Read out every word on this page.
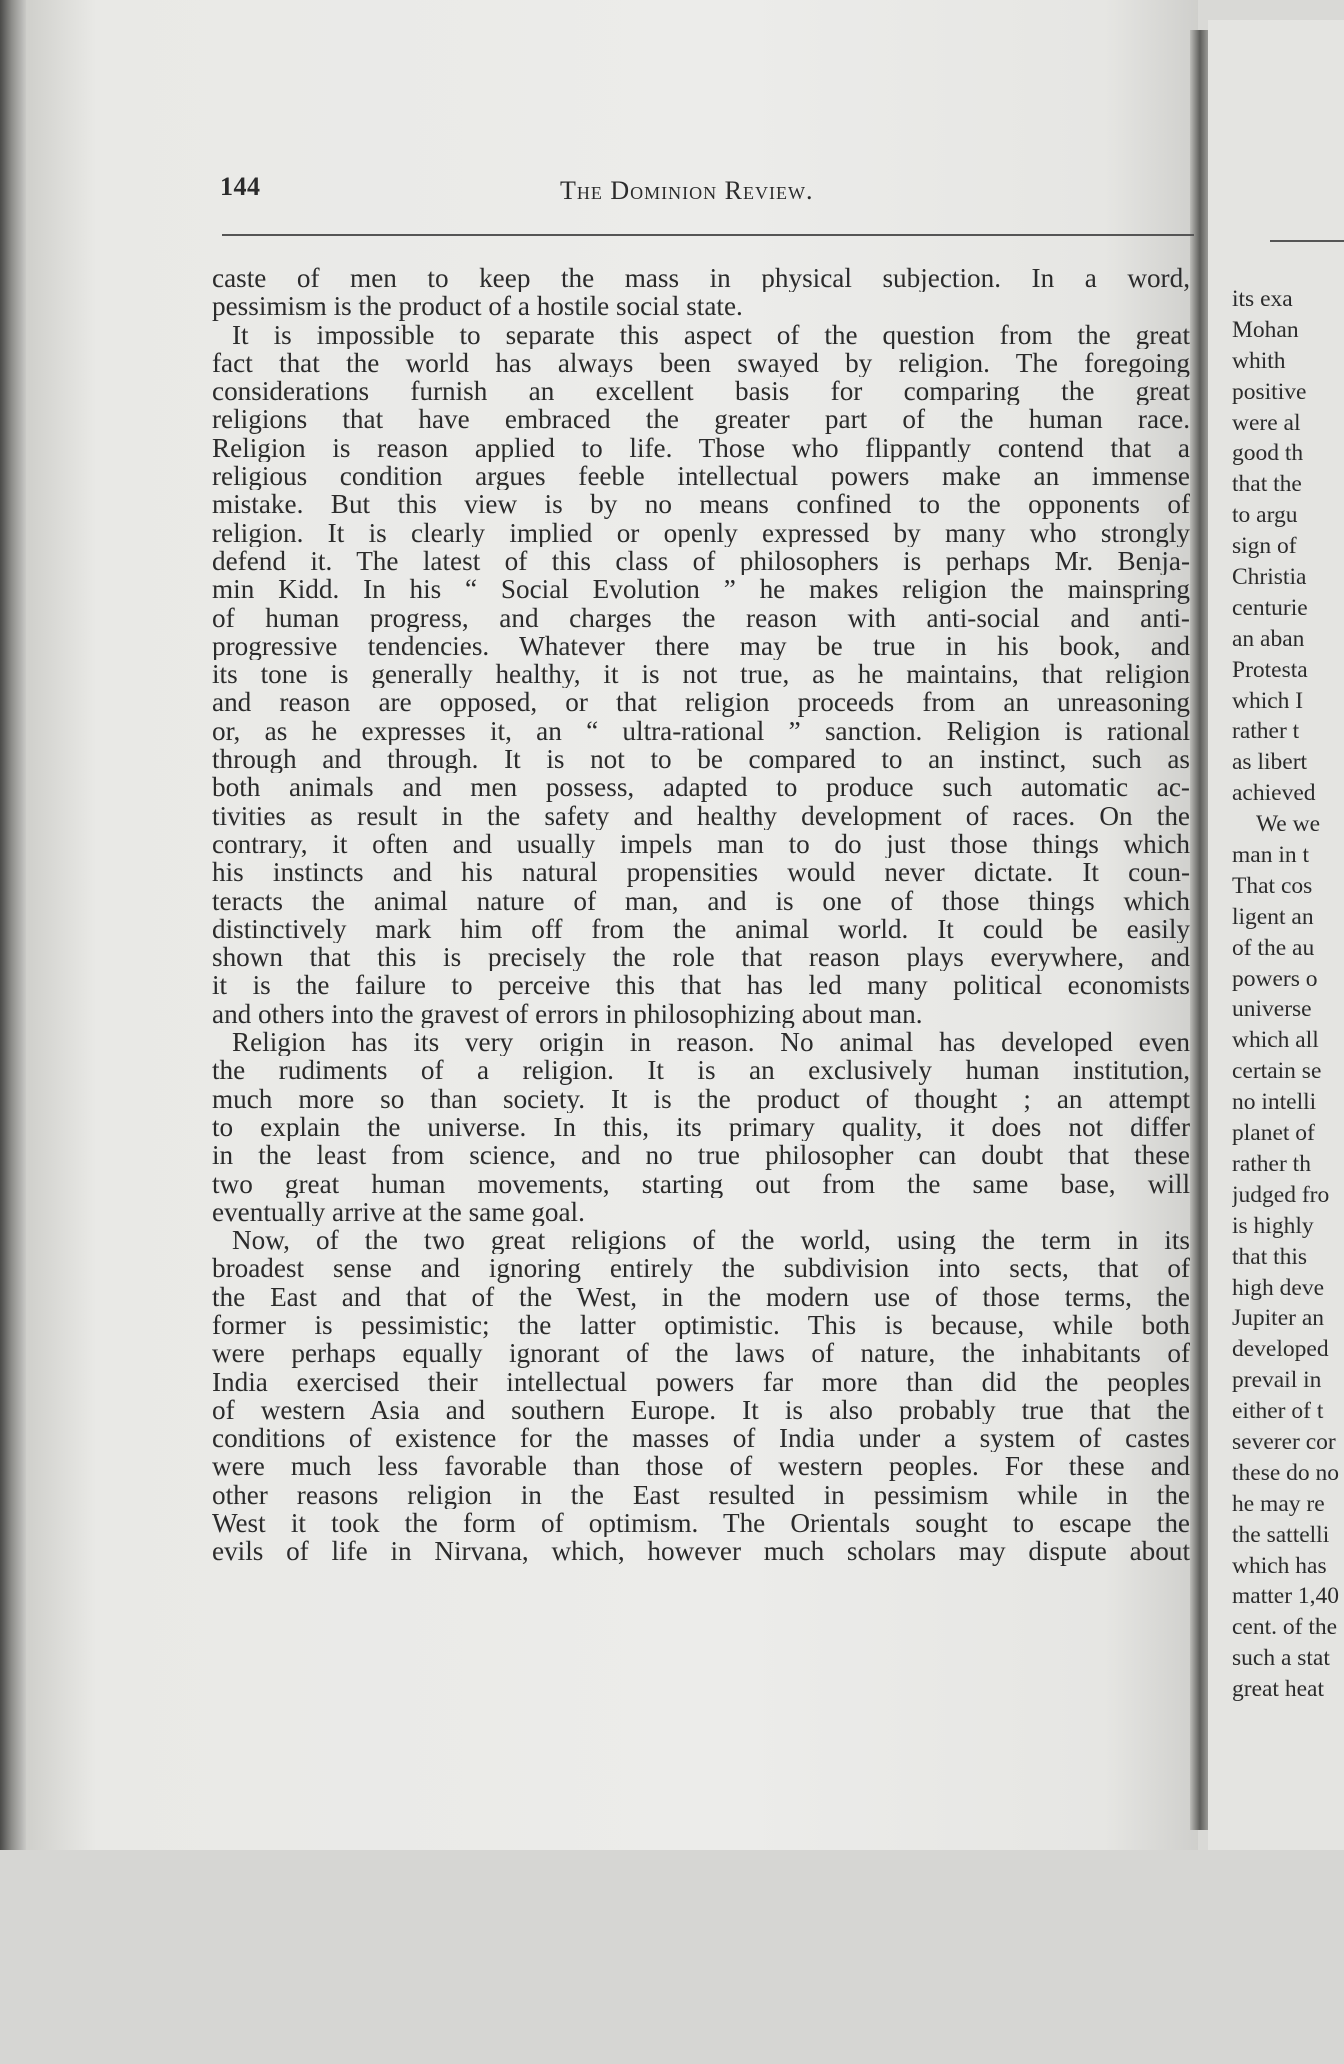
144	The Dominion Review.
caste of men to keep the mass in physical subjection. In a word,
pessimism is the product of a hostile social state.
It is impossible to separate this aspect of the question from the great
fact that the world has always been swayed by religion. The foregoing
considerations furnish an excellent basis for comparing the great
religions that have embraced the greater part of the human race.
Religion is reason applied to life. Those who flippantly contend that a
religious condition argues feeble intellectual powers make an immense
mistake. But this view is by no means confined to the opponents of
religion. It is clearly implied or openly expressed by many who strongly
defend it. The latest of this class of philosophers is perhaps Mr. Benja-
min Kidd. In his “ Social Evolution ” he makes religion the mainspring
of human progress, and charges the reason with anti-social and anti-
progressive tendencies. Whatever there may be true in his book, and
its tone is generally healthy, it is not true, as he maintains, that religion
and reason are opposed, or that religion proceeds from an unreasoning
or, as he expresses it, an “ ultra-rational ” sanction. Religion is rational
through and through. It is not to be compared to an instinct, such as
both animals and men possess, adapted to produce such automatic ac-
tivities as result in the safety and healthy development of races. On the
contrary, it often and usually impels man to do just those things which
his instincts and his natural propensities would never dictate. It coun-
teracts the animal nature of man, and is one of those things which
distinctively mark him off from the animal world. It could be easily
shown that this is precisely the role that reason plays everywhere, and
it is the failure to perceive this that has led many political economists
and others into the gravest of errors in philosophizing about man.
Religion has its very origin in reason. No animal has developed even
the rudiments of a religion. It is an exclusively human institution,
much more so than society. It is the product of thought ; an attempt
to explain the universe. In this, its primary quality, it does not differ
in the least from science, and no true philosopher can doubt that these
two great human movements, starting out from the same base, will
eventually arrive at the same goal.
Now, of the two great religions of the world, using the term in its
broadest sense and ignoring entirely the subdivision into sects, that of
the East and that of the West, in the modern use of those terms, the
former is pessimistic; the latter optimistic. This is because, while both
were perhaps equally ignorant of the laws of nature, the inhabitants of
India exercised their intellectual powers far more than did the peoples
of western Asia and southern Europe. It is also probably true that the
conditions of existence for the masses of India under a system of castes
were much less favorable than those of western peoples. For these and
other reasons religion in the East resulted in pessimism while in the
West it took the form of optimism. The Orientals sought to escape the
evils of life in Nirvana, which, however much scholars may dispute about
its exa
Mohan
whith
positive
were al
good th
that the
to argu
sign of
Christia
centurie
an aban
Protesta
which I
rather t
as libert
achieved
We we
man in t
That cos
ligent an
of the au
powers o
universe
which all
certain se
no intelli
planet of
rather th
judged fro
is highly
that this
high deve
Jupiter an
developed
prevail in
either of t
severer cor
these do no
he may re
the sattelli
which has
matter 1,40
cent. of the
such a stat
great heat
